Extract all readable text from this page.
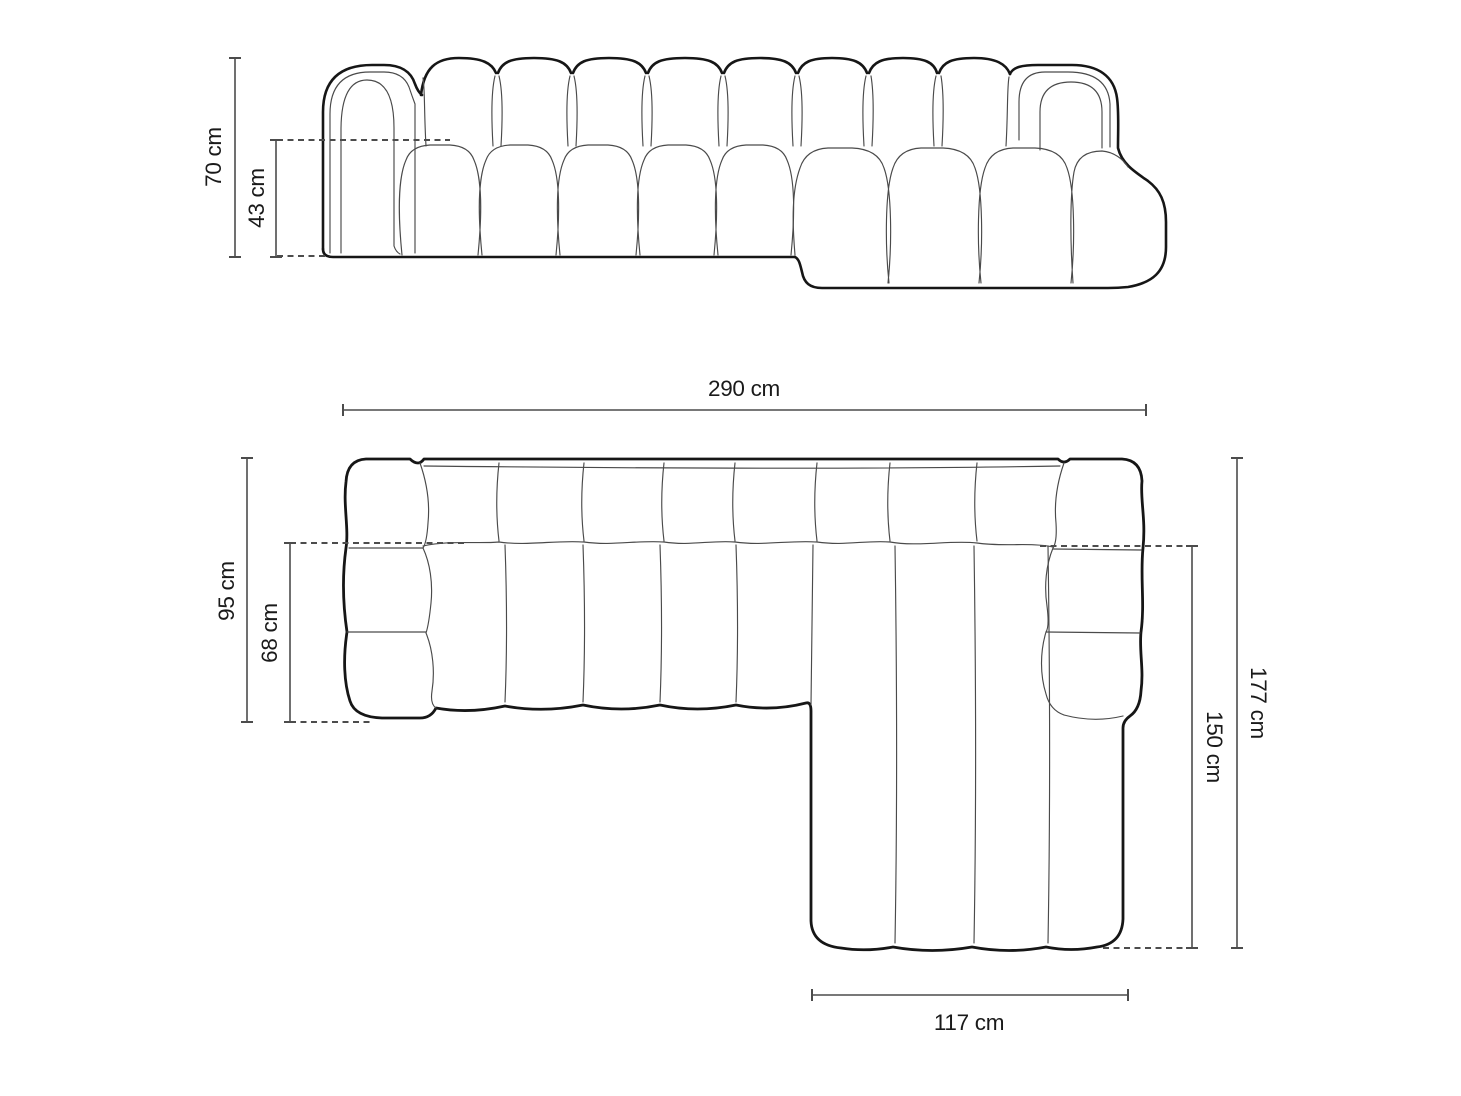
70 cm
43 cm
290 cm
95 cm
68 cm
177 cm
150 cm
117 cm
